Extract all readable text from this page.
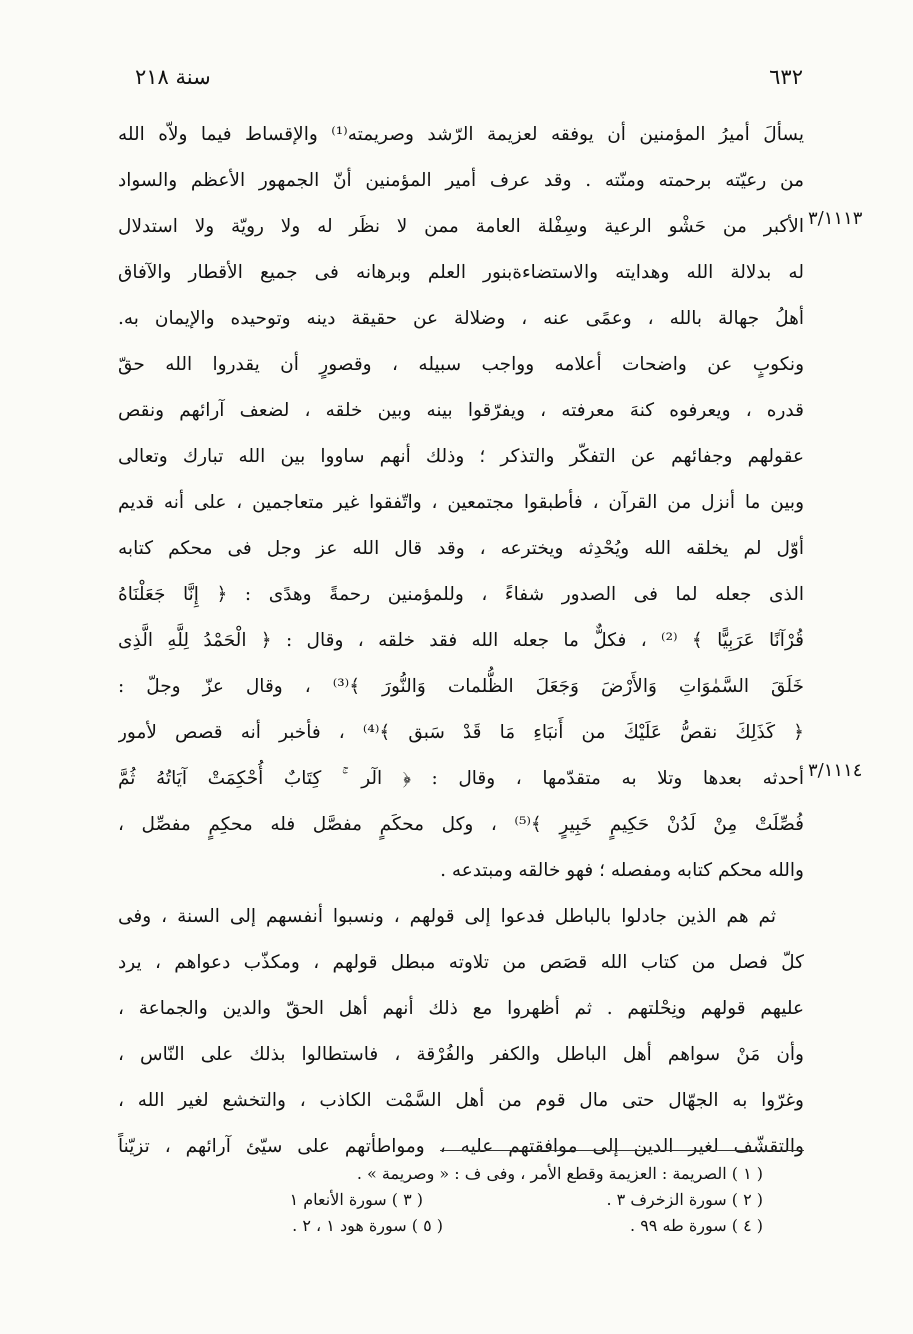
٦٣٢
سنة ٢١٨
٣/١١١٣
٣/١١١٤
يسألَ أميرُ المؤمنين أن يوفقه لعزيمة الرّشد وصريمته⁽¹⁾ والإقساط فيما ولاّه الله
من رعيّته برحمته ومنّته . وقد عرف أمير المؤمنين أنّ الجمهور الأعظم والسواد
الأكبر من حَشْو الرعية وسِفْلة العامة ممن لا نظَر له ولا رويّة ولا استدلال
له بدلالة الله وهدايته والاستضاءةبنور العلم وبرهانه فى جميع الأقطار والآفاق
أهلُ جهالة بالله ، وعمًى عنه ، وضلالة عن حقيقة دينه وتوحيده والإيمان به.
ونكوبٍ عن واضحات أعلامه وواجب سبيله ، وقصورٍ أن يقدروا الله حقّ
قدره ، ويعرفوه كنهَ معرفته ، ويفرّقوا بينه وبين خلقه ، لضعف آرائهم ونقص
عقولهم وجفائهم عن التفكّر والتذكر ؛ وذلك أنهم ساووا بين الله تبارك وتعالى
وبين ما أنزل من القرآن ، فأطبقوا مجتمعين ، واتّفقوا غير متعاجمين ، على أنه قديم
أوّل لم يخلقه الله ويُحْدِثه ويخترعه ، وقد قال الله عز وجل فى محكم كتابه
الذى جعله لما فى الصدور شفاءً ، وللمؤمنين رحمةً وهدًى : ﴿ إِنَّا جَعَلْنَاهُ
قُرْآنًا عَرَبِيًّا ﴾ ⁽²⁾ ، فكلٌّ ما جعله الله فقد خلقه ، وقال : ﴿ الْحَمْدُ لِلَّهِ الَّذِى
خَلَقَ السَّمٰوَاتِ وَالأَرْضَ وَجَعَلَ الظُّلمات وَالنُّورَ ﴾⁽³⁾ ، وقال عزّ وجلّ :
﴿ كَذَلِكَ نقصُّ عَلَيْكَ من أَنبَاءِ مَا قَدْ سَبق ﴾⁽⁴⁾ ، فأخبر أنه قصص لأمور
أحدثه بعدها وتلا به متقدّمها ، وقال : ﴿ الٓر ۚ كِتَابٌ أُحْكِمَتْ آيَاتُهُ ثُمَّ
فُصِّلَتْ مِنْ لَدُنْ حَكِيمٍ خَبِيرٍ ﴾⁽⁵⁾ ، وكل محكَمٍ مفصَّل فله محكِمٍ مفصِّل ،
والله محكم كتابه ومفصله ؛ فهو خالقه ومبتدعه .
ثم هم الذين جادلوا بالباطل فدعوا إلى قولهم ، ونسبوا أنفسهم إلى السنة ، وفى
كلّ فصل من كتاب الله قصَص من تلاوته مبطل قولهم ، ومكذّب دعواهم ، يرد
عليهم قولهم ونِحْلتهم . ثم أظهروا مع ذلك أنهم أهل الحقّ والدين والجماعة ،
وأن مَنْ سواهم أهل الباطل والكفر والفُرْقة ، فاستطالوا بذلك على النّاس ،
وغرّوا به الجهّال حتى مال قوم من أهل السَّمْت الكاذب ، والتخشع لغير الله ،
والتقشّف لغير الدين إلى موافقتهم عليه ، ومواطأتهم على سيّئ آرائهم ، تزيّناً
( ١ ) الصريمة : العزيمة وقطع الأمر ، وفى ف : « وصريمة » .
( ٢ ) سورة الزخرف ٣ .
( ٣ ) سورة الأنعام ١
( ٤ ) سورة طه ٩٩ .
( ٥ ) سورة هود ١ ، ٢ .
